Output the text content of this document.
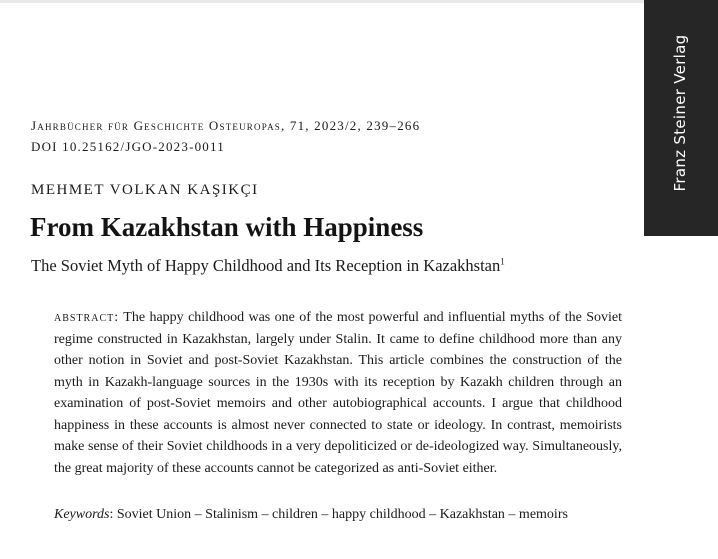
Franz Steiner Verlag
Jahrbücher für Geschichte Osteuropas, 71, 2023/2, 239–266
DOI 10.25162/JGO-2023-0011
MEHMET VOLKAN KAŞIKÇI
From Kazakhstan with Happiness
The Soviet Myth of Happy Childhood and Its Reception in Kazakhstan$^1$
abstract: The happy childhood was one of the most powerful and influential myths of the Soviet regime constructed in Kazakhstan, largely under Stalin. It came to define childhood more than any other notion in Soviet and post-Soviet Kazakhstan. This article combines the construction of the myth in Kazakh-language sources in the 1930s with its reception by Kazakh children through an examination of post-Soviet memoirs and other autobiographical accounts. I argue that childhood happiness in these accounts is almost never connected to state or ideology. In contrast, memoirists make sense of their Soviet childhoods in a very depoliticized or de-ideologized way. Simultaneously, the great majority of these accounts cannot be categorized as anti-Soviet either.
Keywords: Soviet Union – Stalinism – children – happy childhood – Kazakhstan – memoirs
